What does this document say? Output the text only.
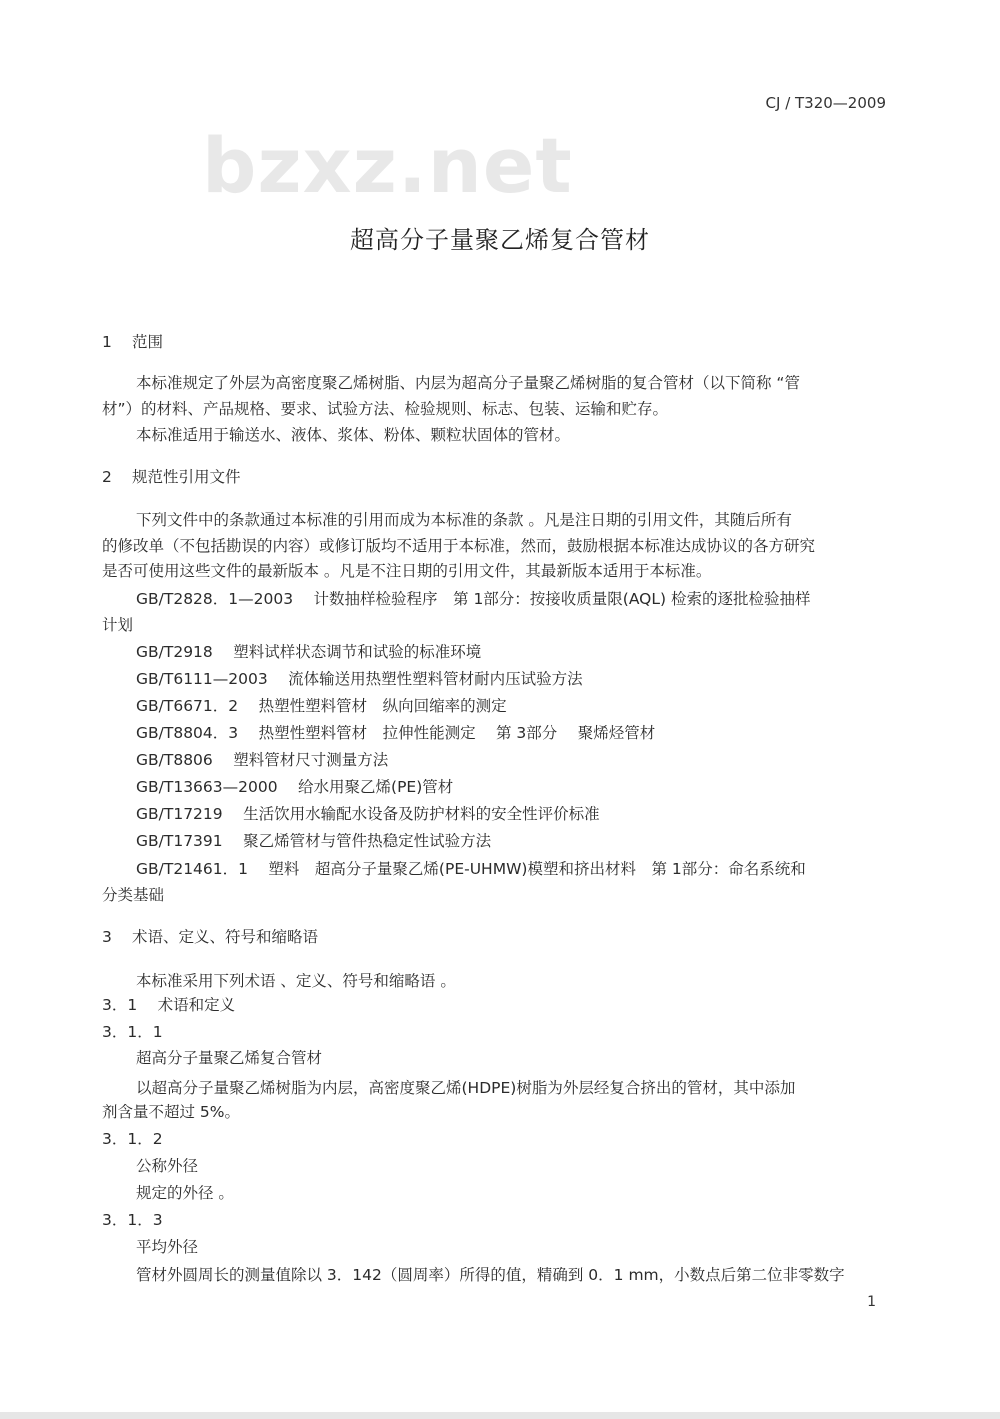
CJ / T320—2009
bzxz.net
超高分子量聚乙烯复合管材
1 范围
本标准规定了外层为高密度聚乙烯树脂、内层为超高分子量聚乙烯树脂的复合管材（以下简称 “管
材”）的材料、产品规格、要求、试验方法、检验规则、标志、包装、运输和贮存。
本标准适用于输送水、液体、浆体、粉体、颗粒状固体的管材。
2 规范性引用文件
下列文件中的条款通过本标准的引用而成为本标准的条款 。凡是注日期的引用文件，其随后所有
的修改单（不包括勘误的内容）或修订版均不适用于本标准，然而，鼓励根据本标准达成协议的各方研究
是否可使用这些文件的最新版本 。凡是不注日期的引用文件，其最新版本适用于本标准。
GB/T2828．1—2003　 计数抽样检验程序　第 1部分：按接收质量限(AQL) 检索的逐批检验抽样
计划
GB/T2918　 塑料试样状态调节和试验的标准环境
GB/T6111—2003　 流体输送用热塑性塑料管材耐内压试验方法
GB/T6671．2　 热塑性塑料管材　纵向回缩率的测定
GB/T8804．3　 热塑性塑料管材　拉伸性能测定　 第 3部分　 聚烯烃管材
GB/T8806　 塑料管材尺寸测量方法
GB/T13663—2000　 给水用聚乙烯(PE)管材
GB/T17219　 生活饮用水输配水设备及防护材料的安全性评价标准
GB/T17391　 聚乙烯管材与管件热稳定性试验方法
GB/T21461．1　 塑料　超高分子量聚乙烯(PE-UHMW)模塑和挤出材料　第 1部分：命名系统和
分类基础
3 术语、定义、符号和缩略语
本标准采用下列术语 、定义、符号和缩略语 。
3．1　 术语和定义
3．1．1
超高分子量聚乙烯复合管材
以超高分子量聚乙烯树脂为内层，高密度聚乙烯(HDPE)树脂为外层经复合挤出的管材，其中添加
剂含量不超过 5%。
3．1．2
公称外径
规定的外径 。
3．1．3
平均外径
管材外圆周长的测量值除以 3．142（圆周率）所得的值，精确到 0．1 mm，小数点后第二位非零数字
1
